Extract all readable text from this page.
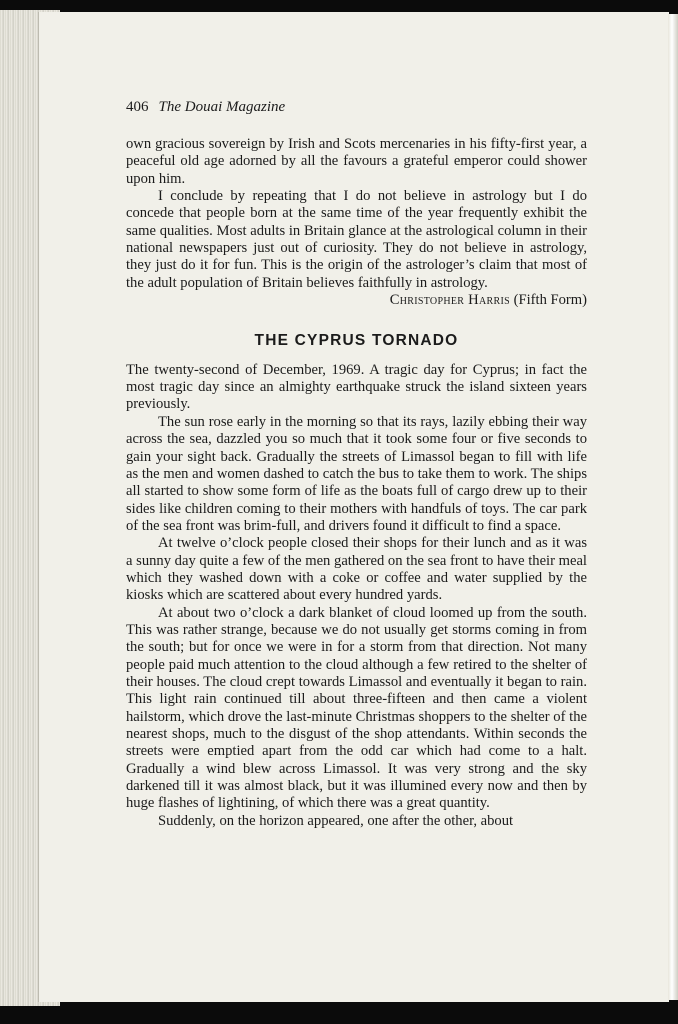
406 The Douai Magazine

own gracious sovereign by Irish and Scots mercenaries in his fifty-first year, a peaceful old age adorned by all the favours a grateful emperor could shower upon him.

I conclude by repeating that I do not believe in astrology but I do concede that people born at the same time of the year frequently exhibit the same qualities. Most adults in Britain glance at the astrological column in their national newspapers just out of curiosity. They do not believe in astrology, they just do it for fun. This is the origin of the astrologer’s claim that most of the adult population of Britain believes faithfully in astrology.

Christopher Harris (Fifth Form)

THE CYPRUS TORNADO

The twenty-second of December, 1969. A tragic day for Cyprus; in fact the most tragic day since an almighty earthquake struck the island sixteen years previously.

The sun rose early in the morning so that its rays, lazily ebbing their way across the sea, dazzled you so much that it took some four or five seconds to gain your sight back. Gradually the streets of Limassol began to fill with life as the men and women dashed to catch the bus to take them to work. The ships all started to show some form of life as the boats full of cargo drew up to their sides like children coming to their mothers with handfuls of toys. The car park of the sea front was brim-full, and drivers found it difficult to find a space.

At twelve o’clock people closed their shops for their lunch and as it was a sunny day quite a few of the men gathered on the sea front to have their meal which they washed down with a coke or coffee and water supplied by the kiosks which are scattered about every hundred yards.

At about two o’clock a dark blanket of cloud loomed up from the south. This was rather strange, because we do not usually get storms coming in from the south; but for once we were in for a storm from that direction. Not many people paid much attention to the cloud although a few retired to the shelter of their houses. The cloud crept towards Limassol and eventually it began to rain. This light rain continued till about three-fifteen and then came a violent hailstorm, which drove the last-minute Christmas shoppers to the shelter of the nearest shops, much to the disgust of the shop attendants. Within seconds the streets were emptied apart from the odd car which had come to a halt. Gradually a wind blew across Limassol. It was very strong and the sky darkened till it was almost black, but it was illumined every now and then by huge flashes of lightining, of which there was a great quantity.

Suddenly, on the horizon appeared, one after the other, about
